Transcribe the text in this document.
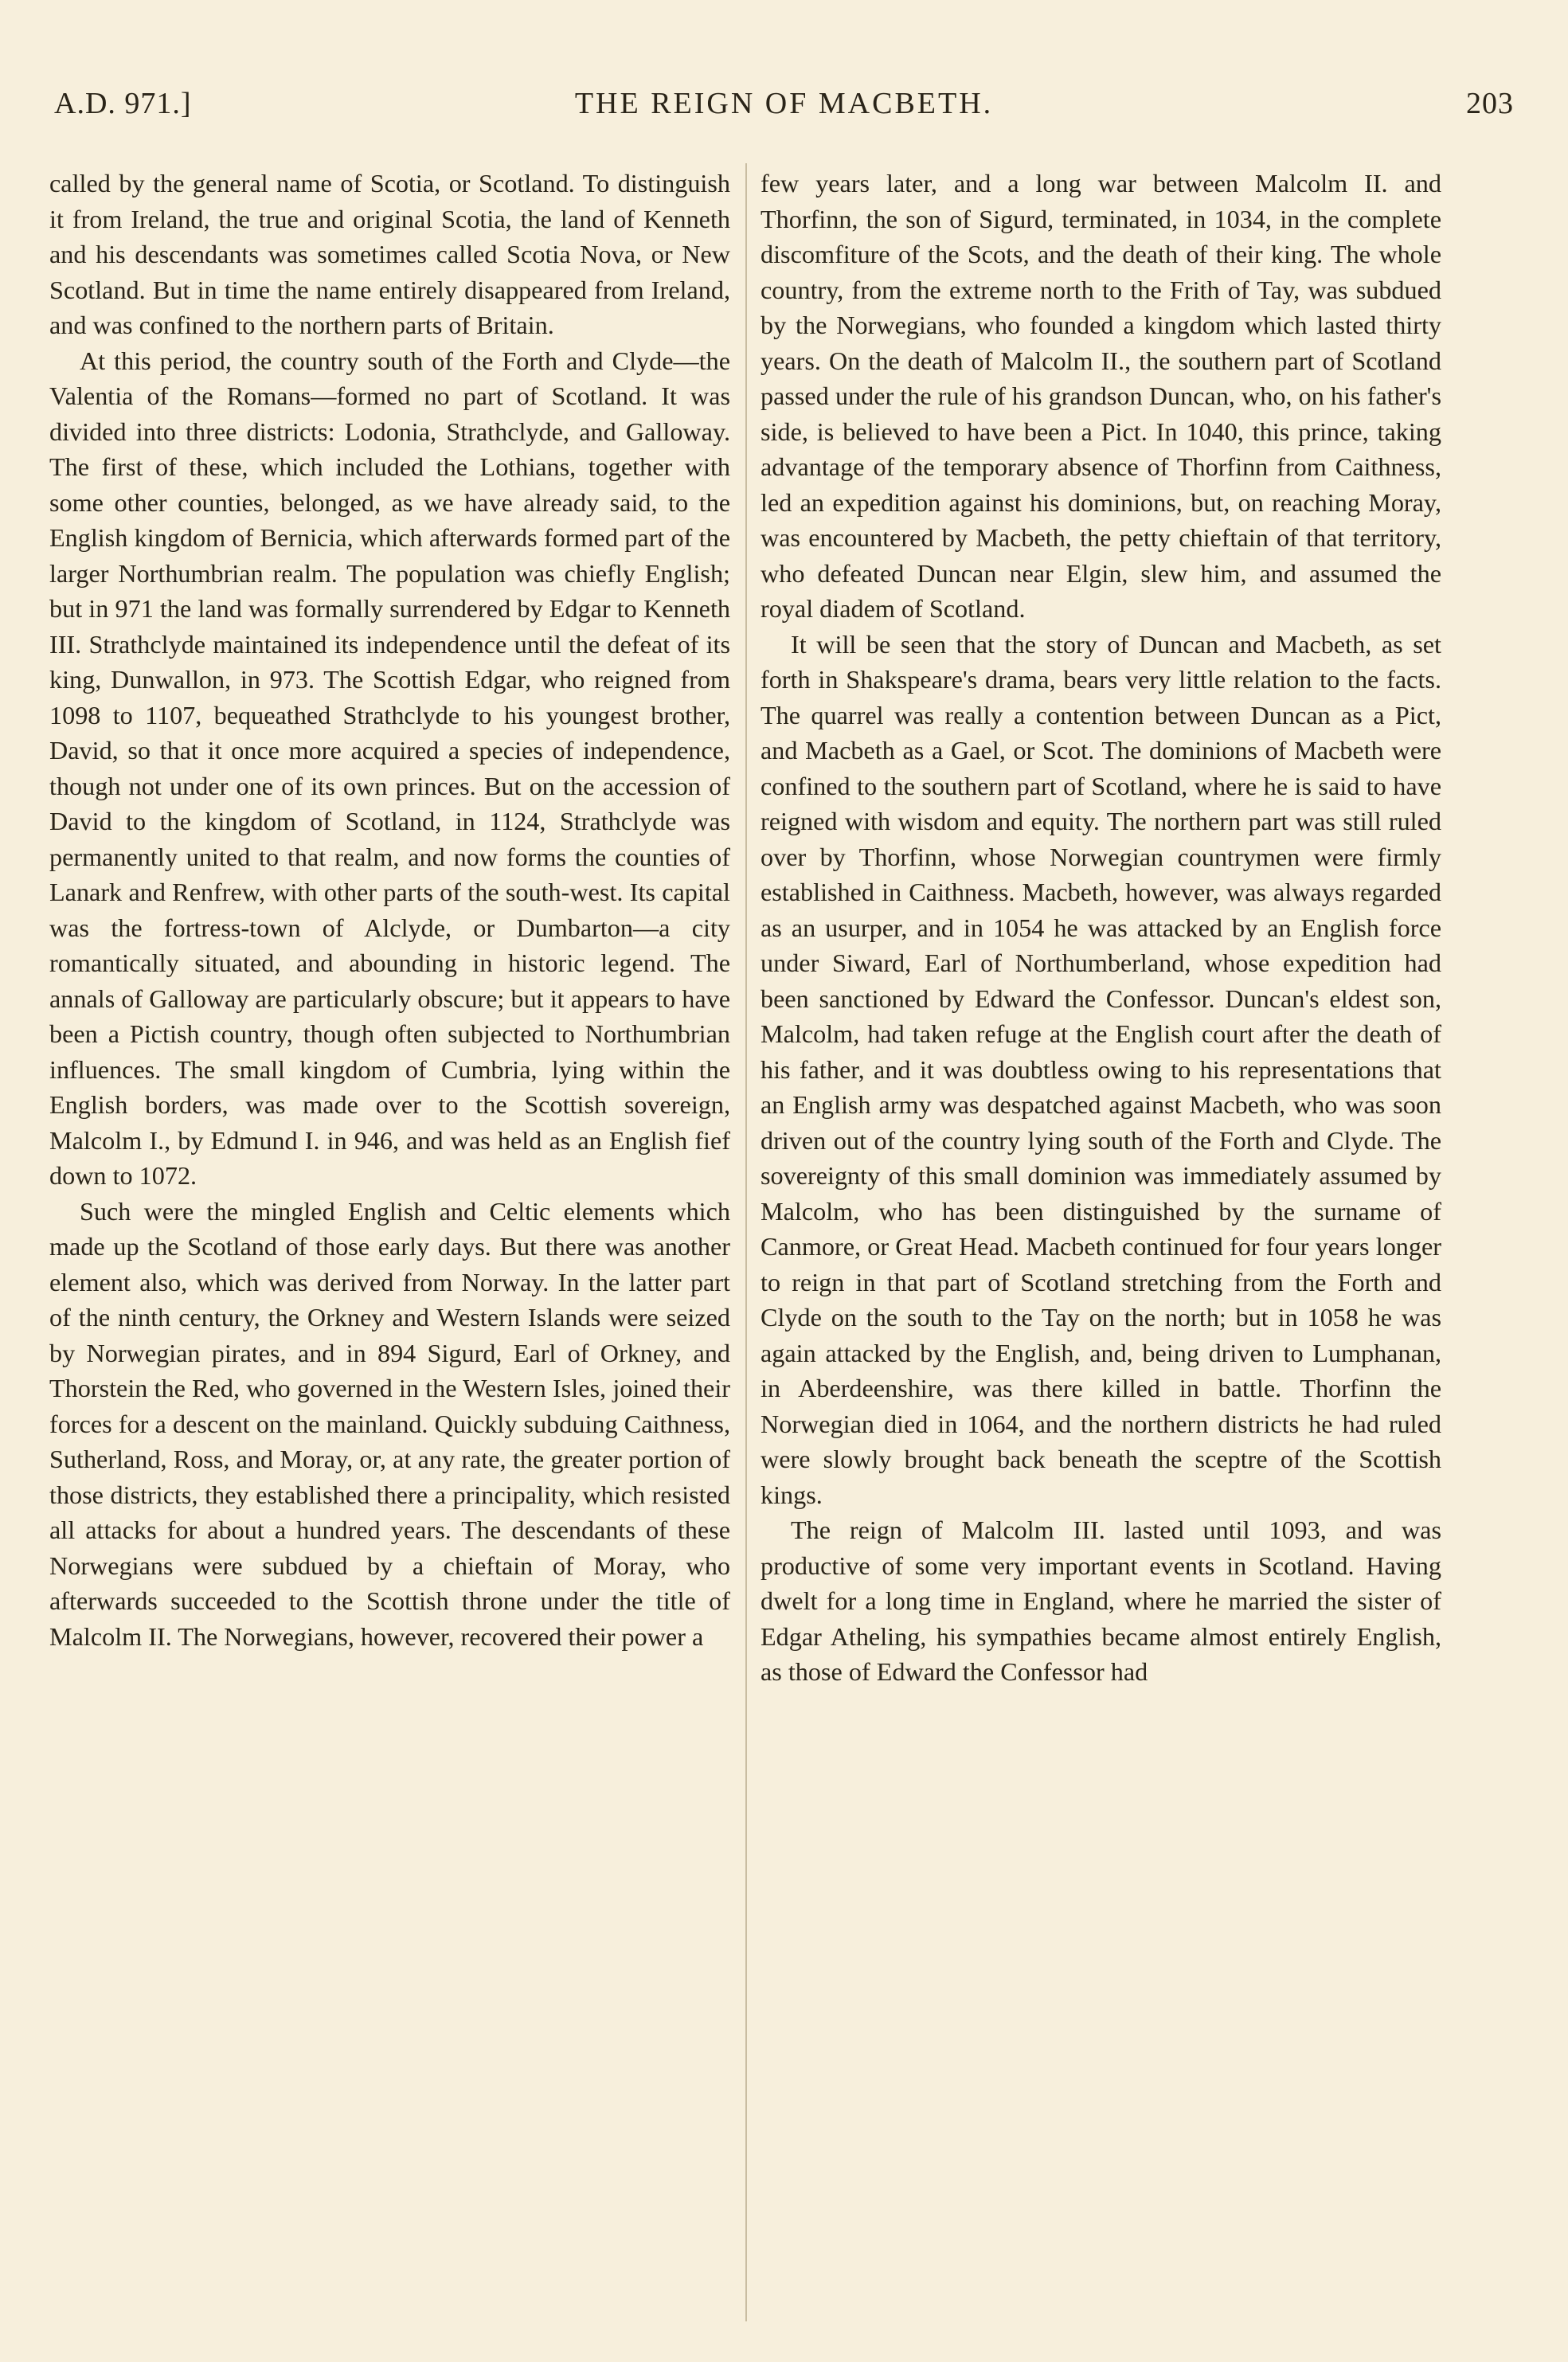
A.D. 971.]	THE REIGN OF MACBETH.	203

called by the general name of Scotia, or Scotland. To distinguish it from Ireland, the true and original Scotia, the land of Kenneth and his descendants was sometimes called Scotia Nova, or New Scotland. But in time the name entirely disappeared from Ireland, and was confined to the northern parts of Britain.

At this period, the country south of the Forth and Clyde—the Valentia of the Romans—formed no part of Scotland. It was divided into three districts: Lodonia, Strathclyde, and Galloway. The first of these, which included the Lothians, together with some other counties, belonged, as we have already said, to the English kingdom of Bernicia, which afterwards formed part of the larger Northumbrian realm. The population was chiefly English; but in 971 the land was formally surrendered by Edgar to Kenneth III. Strathclyde maintained its independence until the defeat of its king, Dunwallon, in 973. The Scottish Edgar, who reigned from 1098 to 1107, bequeathed Strathclyde to his youngest brother, David, so that it once more acquired a species of independence, though not under one of its own princes. But on the accession of David to the kingdom of Scotland, in 1124, Strathclyde was permanently united to that realm, and now forms the counties of Lanark and Renfrew, with other parts of the south-west. Its capital was the fortress-town of Alclyde, or Dumbarton—a city romantically situated, and abounding in historic legend. The annals of Galloway are particularly obscure; but it appears to have been a Pictish country, though often subjected to Northumbrian influences. The small kingdom of Cumbria, lying within the English borders, was made over to the Scottish sovereign, Malcolm I., by Edmund I. in 946, and was held as an English fief down to 1072.

Such were the mingled English and Celtic elements which made up the Scotland of those early days. But there was another element also, which was derived from Norway. In the latter part of the ninth century, the Orkney and Western Islands were seized by Norwegian pirates, and in 894 Sigurd, Earl of Orkney, and Thorstein the Red, who governed in the Western Isles, joined their forces for a descent on the mainland. Quickly subduing Caithness, Sutherland, Ross, and Moray, or, at any rate, the greater portion of those districts, they established there a principality, which resisted all attacks for about a hundred years. The descendants of these Norwegians were subdued by a chieftain of Moray, who afterwards succeeded to the Scottish throne under the title of Malcolm II. The Norwegians, however, recovered their power a

few years later, and a long war between Malcolm II. and Thorfinn, the son of Sigurd, terminated, in 1034, in the complete discomfiture of the Scots, and the death of their king. The whole country, from the extreme north to the Frith of Tay, was subdued by the Norwegians, who founded a kingdom which lasted thirty years. On the death of Malcolm II., the southern part of Scotland passed under the rule of his grandson Duncan, who, on his father's side, is believed to have been a Pict. In 1040, this prince, taking advantage of the temporary absence of Thorfinn from Caithness, led an expedition against his dominions, but, on reaching Moray, was encountered by Macbeth, the petty chieftain of that territory, who defeated Duncan near Elgin, slew him, and assumed the royal diadem of Scotland.

It will be seen that the story of Duncan and Macbeth, as set forth in Shakspeare's drama, bears very little relation to the facts. The quarrel was really a contention between Duncan as a Pict, and Macbeth as a Gael, or Scot. The dominions of Macbeth were confined to the southern part of Scotland, where he is said to have reigned with wisdom and equity. The northern part was still ruled over by Thorfinn, whose Norwegian countrymen were firmly established in Caithness. Macbeth, however, was always regarded as an usurper, and in 1054 he was attacked by an English force under Siward, Earl of Northumberland, whose expedition had been sanctioned by Edward the Confessor. Duncan's eldest son, Malcolm, had taken refuge at the English court after the death of his father, and it was doubtless owing to his representations that an English army was despatched against Macbeth, who was soon driven out of the country lying south of the Forth and Clyde. The sovereignty of this small dominion was immediately assumed by Malcolm, who has been distinguished by the surname of Canmore, or Great Head. Macbeth continued for four years longer to reign in that part of Scotland stretching from the Forth and Clyde on the south to the Tay on the north; but in 1058 he was again attacked by the English, and, being driven to Lumphanan, in Aberdeenshire, was there killed in battle. Thorfinn the Norwegian died in 1064, and the northern districts he had ruled were slowly brought back beneath the sceptre of the Scottish kings.

The reign of Malcolm III. lasted until 1093, and was productive of some very important events in Scotland. Having dwelt for a long time in England, where he married the sister of Edgar Atheling, his sympathies became almost entirely English, as those of Edward the Confessor had
